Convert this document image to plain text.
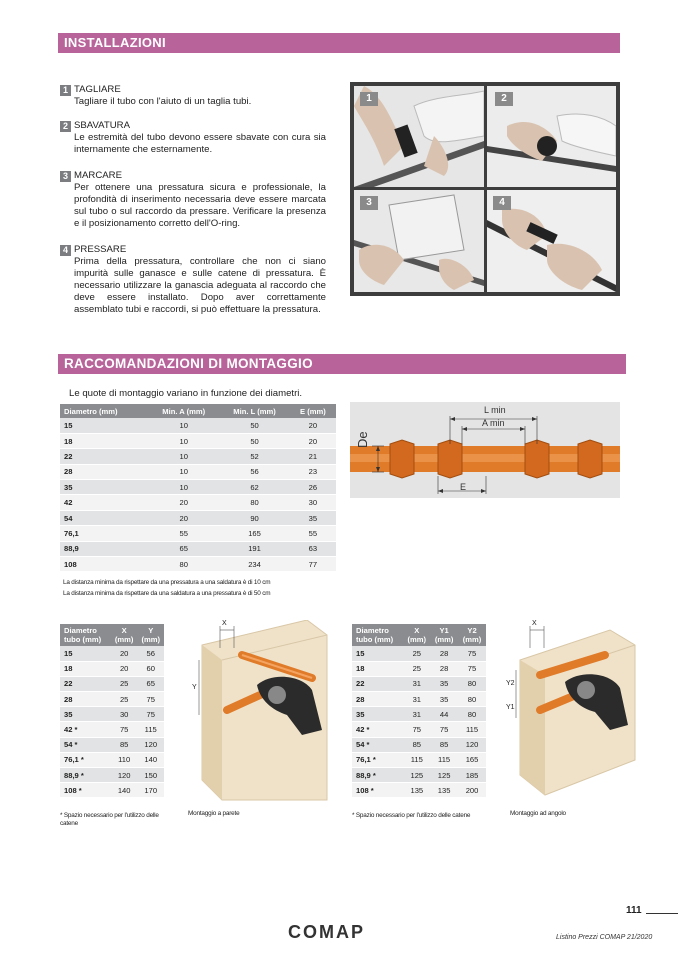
INSTALLAZIONI
1 TAGLIARE
Tagliare il tubo con l'aiuto di un taglia tubi.
2 SBAVATURA
Le estremità del tubo devono essere sbavate con cura sia internamente che esternamente.
3 MARCARE
Per ottenere una pressatura sicura e professionale, la profondità di inserimento necessaria deve essere marcata sul tubo o sul raccordo da pressare. Verificare la presenza e il posizionamento corretto dell'O-ring.
4 PRESSARE
Prima della pressatura, controllare che non ci siano impurità sulle ganasce e sulle catene di pressatura. È necessario utilizzare la ganascia adeguata al raccordo che deve essere installato. Dopo aver correttamente assemblato tubi e raccordi, si può effettuare la pressatura.
1	2
3	4
RACCOMANDAZIONI DI MONTAGGIO
Le quote di montaggio variano in funzione dei diametri.
Diametro (mm)	Min. A (mm)	Min. L (mm)	E (mm)
15	10	50	20
18	10	50	20
22	10	52	21
28	10	56	23
35	10	62	26
42	20	80	30
54	20	90	35
76,1	55	165	55
88,9	65	191	63
108	80	234	77
La distanza minima da rispettare da una pressatura a una saldatura è di 10 cm
La distanza minima da rispettare da una saldatura a una pressatura è di 50 cm
L min
A min
De
E
Diametro tubo (mm)	X (mm)	Y (mm)
15	20	56
18	20	60
22	25	65
28	25	75
35	30	75
42 *	75	115
54 *	85	120
76,1 *	110	140
88,9 *	120	150
108 *	140	170
* Spazio necessario per l'utilizzo delle catene
X
Y
Montaggio a parete
Diametro tubo (mm)	X (mm)	Y1 (mm)	Y2 (mm)
15	25	28	75
18	25	28	75
22	31	35	80
28	31	35	80
35	31	44	80
42 *	75	75	115
54 *	85	85	120
76,1 *	115	115	165
88,9 *	125	125	185
108 *	135	135	200
* Spazio necessario per l'utilizzo delle catene
X
Y2
Y1
Montaggio ad angolo
111
COMAP	Listino Prezzi COMAP 21/2020
